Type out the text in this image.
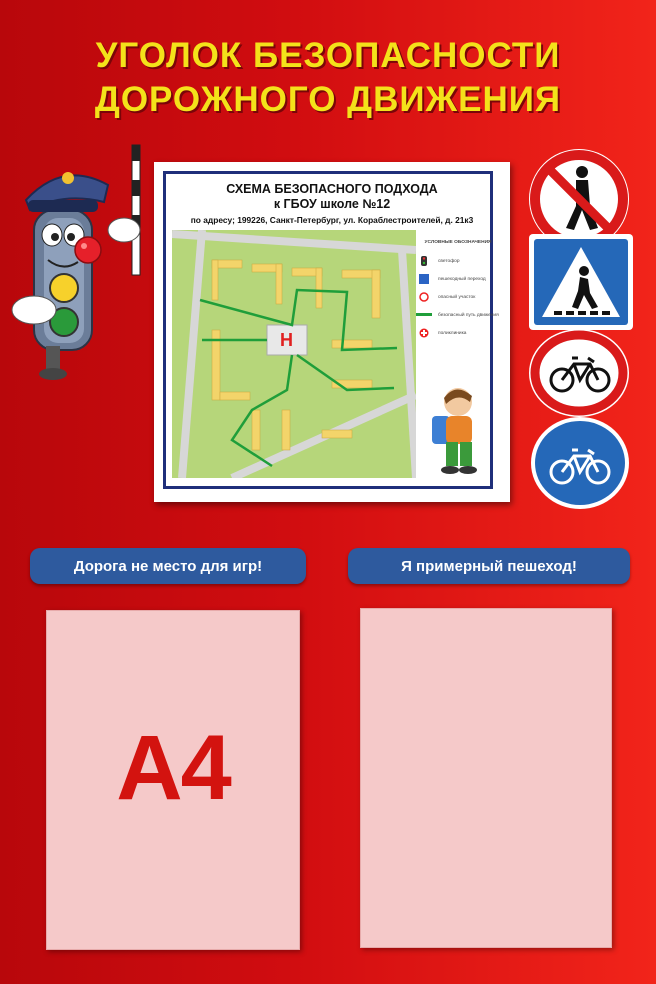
УГОЛОК БЕЗОПАСНОСТИ
ДОРОЖНОГО ДВИЖЕНИЯ
СХЕМА БЕЗОПАСНОГО ПОДХОДА
к ГБОУ школе №12
по адресу; 199226, Санкт-Петербург, ул. Кораблестроителей, д. 21к3
Н
УСЛОВНЫЕ ОБОЗНАЧЕНИЯ
светофор
пешеходный переход
опасный участок
безопасный путь движения
поликлиника
Дорога не место для игр!	Я примерный пешеход!
А4
